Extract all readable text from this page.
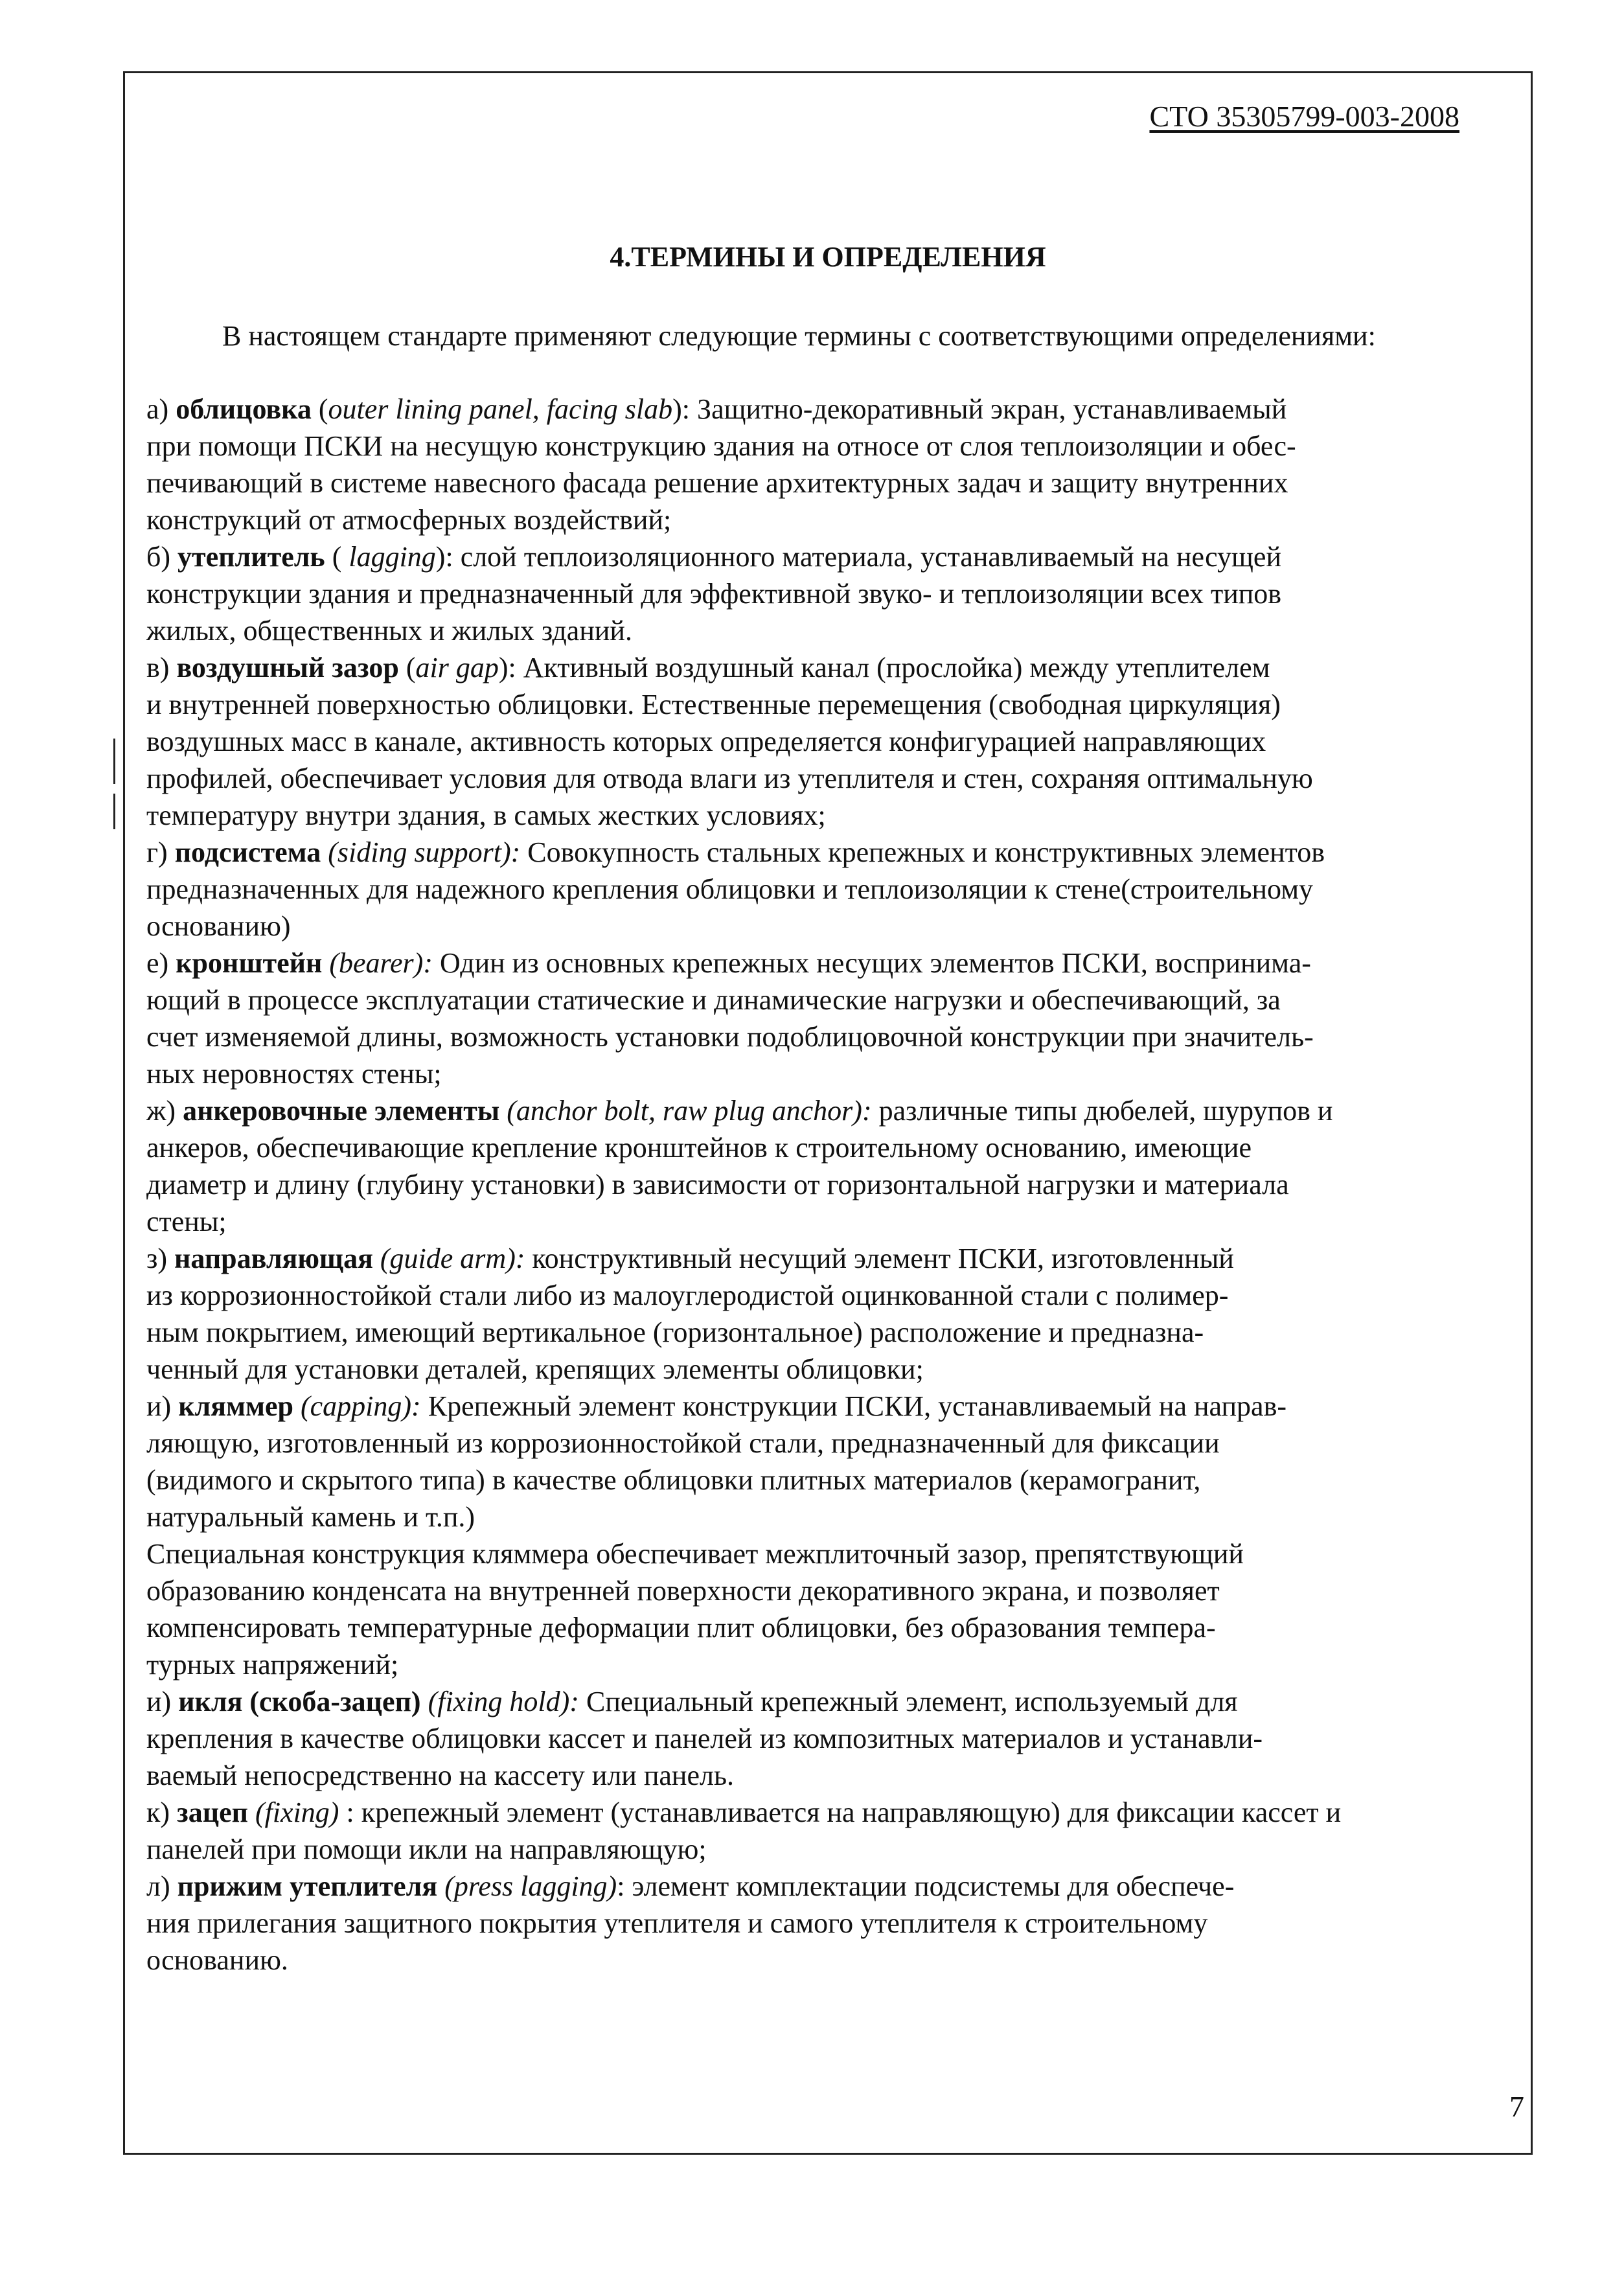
СТО 35305799-003-2008
4.ТЕРМИНЫ И ОПРЕДЕЛЕНИЯ
В настоящем стандарте применяют следующие термины с соответствующими определениями:
а) облицовка (outer lining panel, facing slab): Защитно-декоративный экран, устанавливаемый
при помощи ПСКИ на несущую конструкцию здания на относе от слоя теплоизоляции и обес-
печивающий в системе навесного фасада решение архитектурных задач и защиту внутренних
конструкций от атмосферных воздействий;
б) утеплитель ( lagging): слой теплоизоляционного материала, устанавливаемый на несущей
конструкции здания и предназначенный для эффективной звуко- и теплоизоляции всех типов
жилых, общественных и жилых зданий.
в) воздушный зазор (air gap): Активный воздушный канал (прослойка) между утеплителем
и внутренней поверхностью облицовки. Естественные перемещения (свободная циркуляция)
воздушных масс в канале, активность которых определяется конфигурацией направляющих
профилей, обеспечивает условия для отвода влаги из утеплителя и стен, сохраняя оптимальную
температуру внутри здания, в самых жестких условиях;
г) подсистема (siding support): Совокупность стальных крепежных и конструктивных элементов
предназначенных для надежного крепления облицовки и теплоизоляции к стене(строительному
основанию)
е) кронштейн (bearer): Один из основных крепежных несущих элементов ПСКИ, воспринима-
ющий в процессе эксплуатации статические и динамические нагрузки и обеспечивающий, за
счет изменяемой длины, возможность установки подоблицовочной конструкции при значитель-
ных неровностях стены;
ж) анкеровочные элементы (anchor bolt, raw plug anchor): различные типы дюбелей, шурупов и
анкеров, обеспечивающие крепление кронштейнов к строительному основанию, имеющие
диаметр и длину (глубину установки) в зависимости от горизонтальной нагрузки и материала
стены;
з) направляющая (guide arm): конструктивный несущий элемент ПСКИ, изготовленный
из коррозионностойкой стали либо из малоуглеродистой оцинкованной стали с полимер-
ным покрытием, имеющий вертикальное (горизонтальное) расположение и предназна-
ченный для установки деталей, крепящих элементы облицовки;
и) кляммер (capping): Крепежный элемент конструкции ПСКИ, устанавливаемый на направ-
ляющую, изготовленный из коррозионностойкой стали, предназначенный для фиксации
(видимого и скрытого типа) в качестве облицовки плитных материалов (керамогранит,
натуральный камень и т.п.)
Специальная конструкция кляммера обеспечивает межплиточный зазор, препятствующий
образованию конденсата на внутренней поверхности декоративного экрана, и позволяет
компенсировать температурные деформации плит облицовки, без образования темпера-
турных напряжений;
и) икля (скоба-зацеп) (fixing hold): Специальный крепежный элемент, используемый для
крепления в качестве облицовки кассет и панелей из композитных материалов и устанавли-
ваемый непосредственно на кассету или панель.
к) зацеп (fixing) : крепежный элемент (устанавливается на направляющую) для фиксации кассет и
панелей при помощи икли на направляющую;
л) прижим утеплителя (press lagging): элемент комплектации подсистемы для обеспече-
ния прилегания защитного покрытия утеплителя и самого утеплителя к строительному
основанию.
7
